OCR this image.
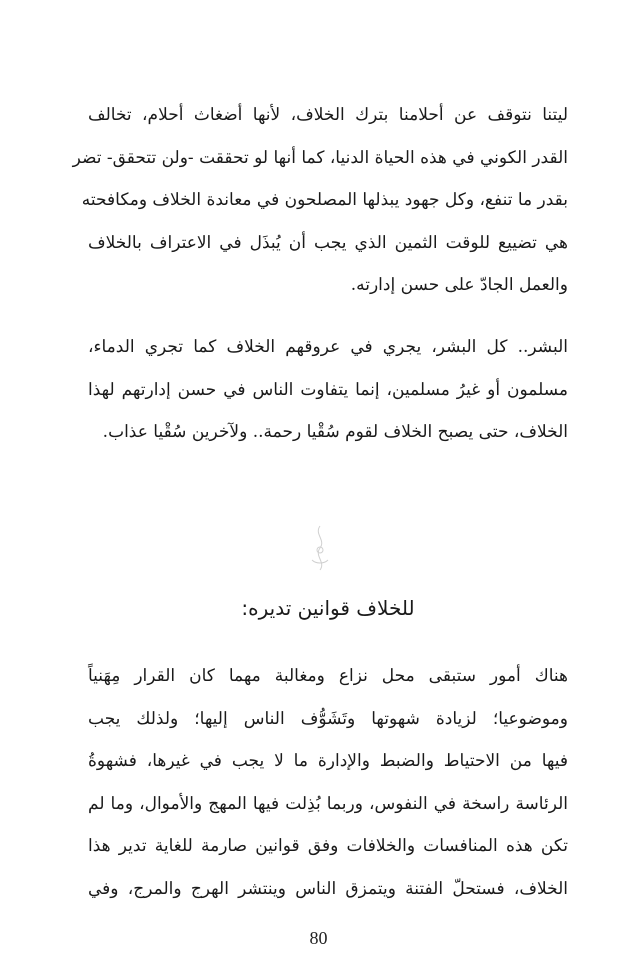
ليتنا نتوقف عن أحلامنا بترك الخلاف، لأنها أضغاث أحلام، تخالف
القدر الكوني في هذه الحياة الدنيا، كما أنها لو تحققت -ولن تتحقق- تضر
بقدر ما تنفع، وكل جهود يبذلها المصلحون في معاندة الخلاف ومكافحته
هي تضييع للوقت الثمين الذي يجب أن يُبذَل في الاعتراف بالخلاف
والعمل الجادّ على حسن إدارته.

البشر.. كل البشر، يجري في عروقهم الخلاف كما تجري الدماء،
مسلمون أو غيرُ مسلمين، إنما يتفاوت الناس في حسن إدارتهم لهذا
الخلاف، حتى يصبح الخلاف لقوم سُقْيا رحمة.. ولآخرين سُقْيا عذاب.

للخلاف قوانين تديره:

هناك أمور ستبقى محل نزاع ومغالبة مهما كان القرار مِهَنياً
وموضوعيا؛ لزيادة شهوتها وتَشَوُّف الناس إليها؛ ولذلك يجب
فيها من الاحتياط والضبط والإدارة ما لا يجب في غيرها، فشهوةُ
الرئاسة راسخة في النفوس، وربما بُذِلت فيها المهج والأموال، وما لم
تكن هذه المنافسات والخلافات وفق قوانين صارمة للغاية تدير هذا
الخلاف، فستحلّ الفتنة ويتمزق الناس وينتشر الهرج والمرج، وفي

80
